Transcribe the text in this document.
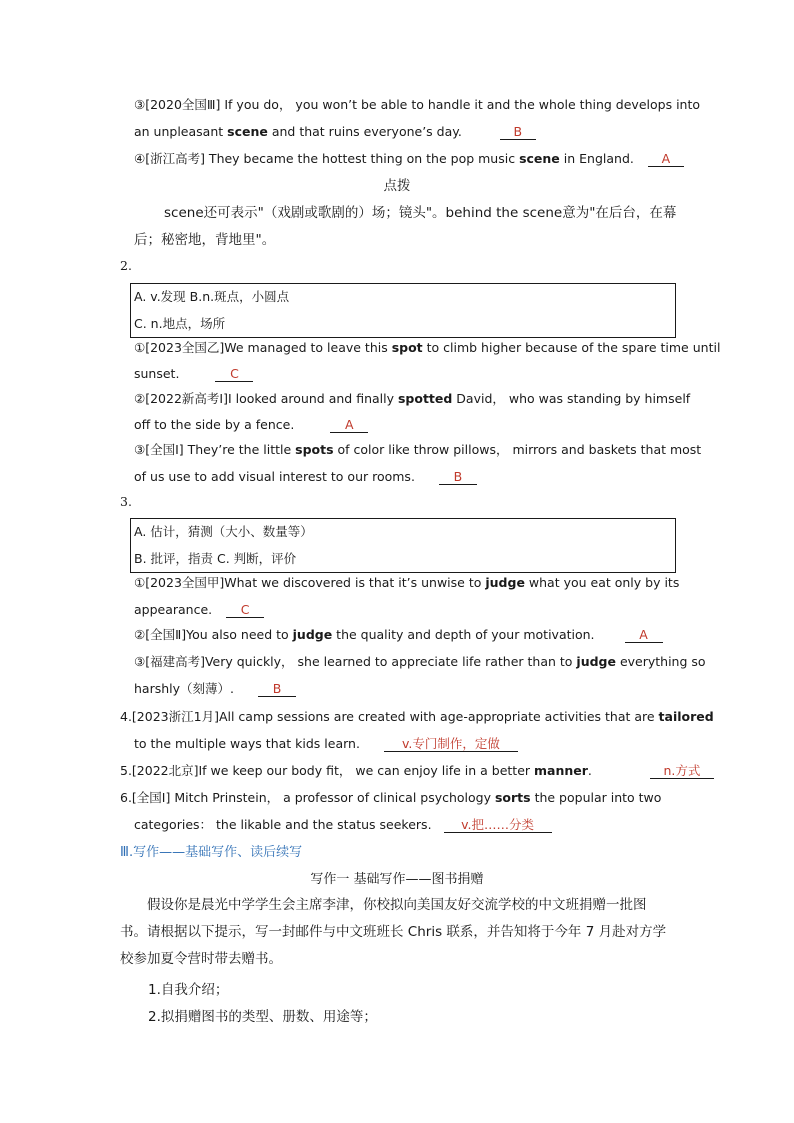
③[2020全国Ⅲ] If you do， you won’t be able to handle it and the whole thing develops into
an unpleasant scene and that ruins everyone’s day.	B
④[浙江高考] They became the hottest thing on the pop music scene in England. A
点拨
scene还可表示"（戏剧或歌剧的）场；镜头"。behind the scene意为"在后台，在幕
后；秘密地，背地里"。
2.
A. v.发现 B.n.斑点，小圆点
C. n.地点，场所
①[2023全国乙]We managed to leave this spot to climb higher because of the spare time until
sunset.	C
②[2022新高考Ⅰ]I looked around and finally spotted David， who was standing by himself
off to the side by a fence.	A
③[全国Ⅰ] They’re the little spots of color like throw pillows， mirrors and baskets that most
of us use to add visual interest to our rooms.	B
3.
A. 估计，猜测（大小、数量等）
B. 批评，指责 C. 判断，评价
①[2023全国甲]What we discovered is that it’s unwise to judge what you eat only by its
appearance. C
②[全国Ⅱ]You also need to judge the quality and depth of your motivation.	A
③[福建高考]Very quickly， she learned to appreciate life rather than to judge everything so
harshly（刻薄）.	B
4.[2023浙江1月]All camp sessions are created with age-appropriate activities that are tailored
to the multiple ways that kids learn.	v.专门制作，定做
5.[2022北京]If we keep our body fit， we can enjoy life in a better manner.	n.方式
6.[全国Ⅰ] Mitch Prinstein， a professor of clinical psychology sorts the popular into two
categories： the likable and the status seekers. v.把……分类
Ⅲ.写作——基础写作、读后续写
写作一 基础写作——图书捐赠
假设你是晨光中学学生会主席李津，你校拟向美国友好交流学校的中文班捐赠一批图书。请根据以下提示，写一封邮件与中文班班长 Chris 联系，并告知将于今年 7 月赴对方学校参加夏令营时带去赠书。
1.自我介绍；
2.拟捐赠图书的类型、册数、用途等；
